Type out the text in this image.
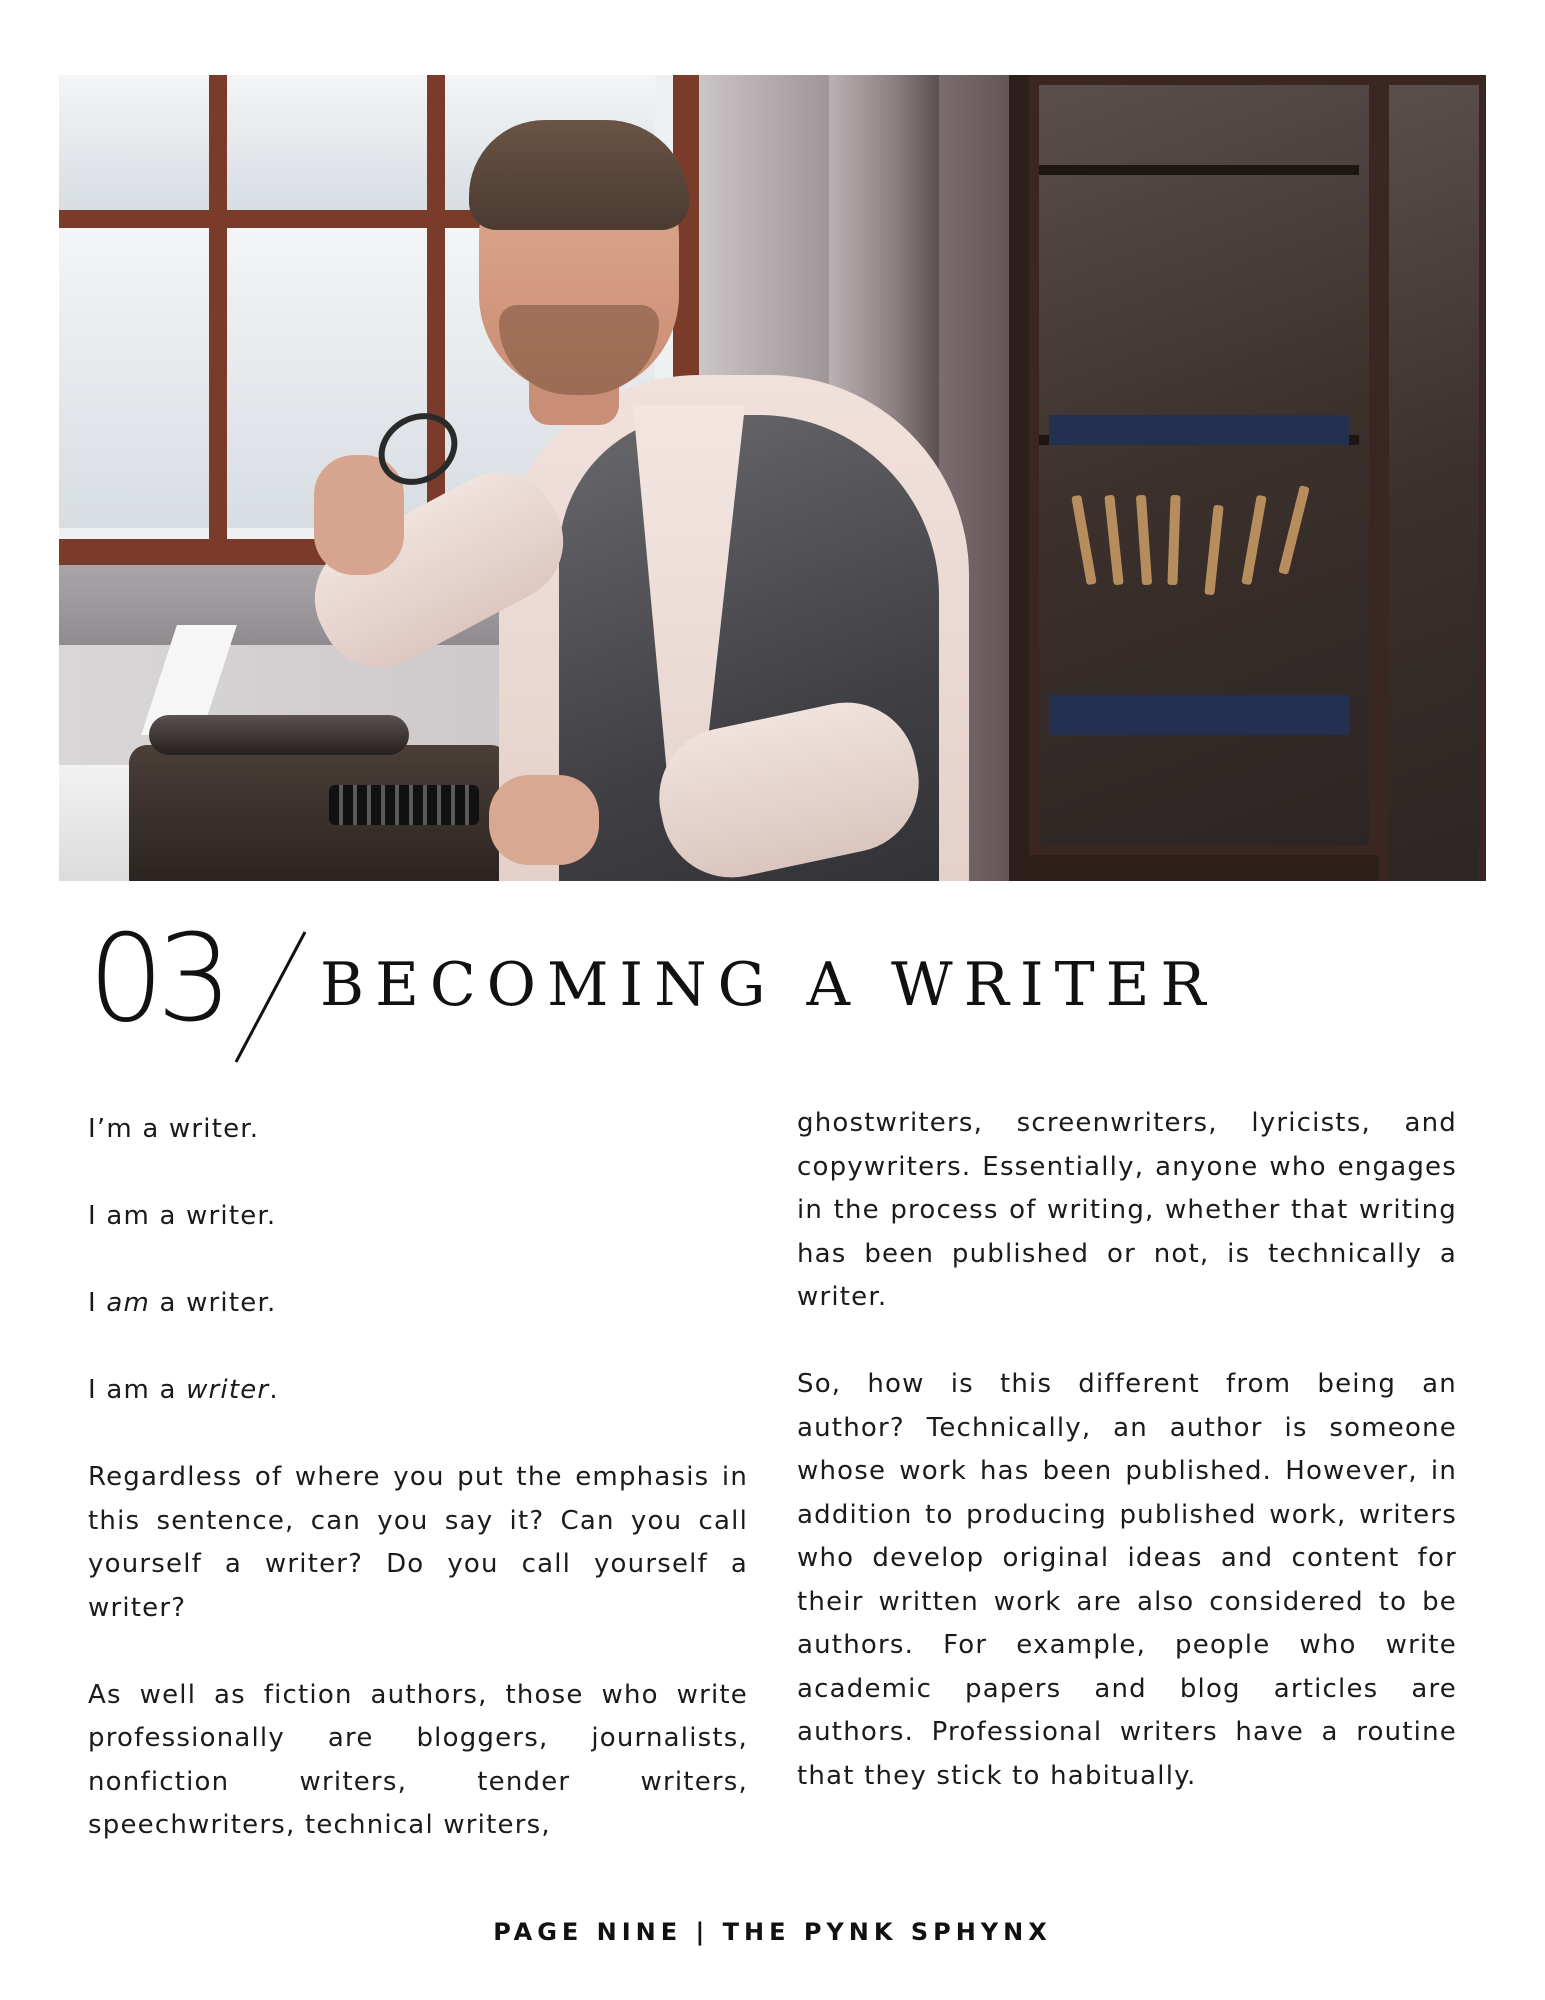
03 BECOMING A WRITER

I’m a writer.

I am a writer.

I am a writer.

I am a writer.

Regardless of where you put the emphasis in this sentence, can you say it? Can you call yourself a writer? Do you call yourself a writer?

As well as fiction authors, those who write professionally are bloggers, journalists, nonfiction writers, tender writers, speechwriters, technical writers,

ghostwriters, screenwriters, lyricists, and copywriters. Essentially, anyone who engages in the process of writing, whether that writing has been published or not, is technically a writer.

So, how is this different from being an author? Technically, an author is someone whose work has been published. However, in addition to producing published work, writers who develop original ideas and content for their written work are also considered to be authors. For example, people who write academic papers and blog articles are authors. Professional writers have a routine that they stick to habitually.

PAGE NINE | THE PYNK SPHYNX
